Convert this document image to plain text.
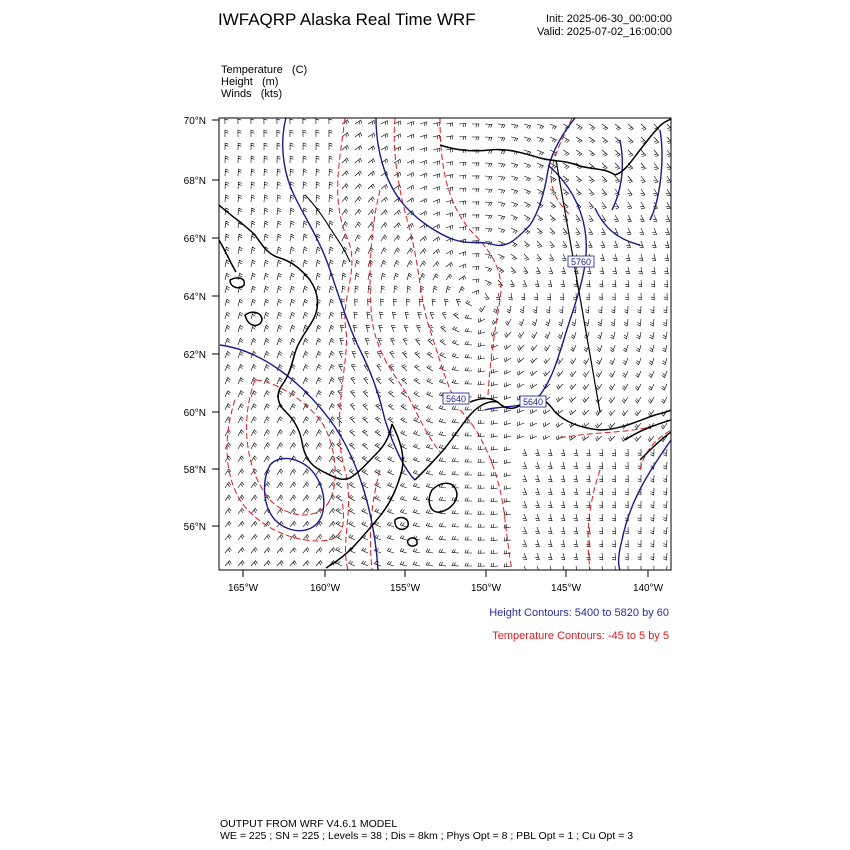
IWFAQRP Alaska Real Time WRF	Init: 2025-06-30_00:00:00
Valid: 2025-07-02_16:00:00
Temperature   (C)
Height   (m)
Winds   (kts)
5640	5640
5760
70°N
68°N
66°N
64°N
62°N
60°N
58°N
56°N
165°W	160°W	155°W	150°W	145°W	140°W
Height Contours: 5400 to 5820 by 60
Temperature Contours: -45 to 5 by 5
OUTPUT FROM WRF V4.6.1 MODEL
WE = 225 ; SN = 225 ; Levels = 38 ; Dis = 8km ; Phys Opt = 8 ; PBL Opt = 1 ; Cu Opt = 3
